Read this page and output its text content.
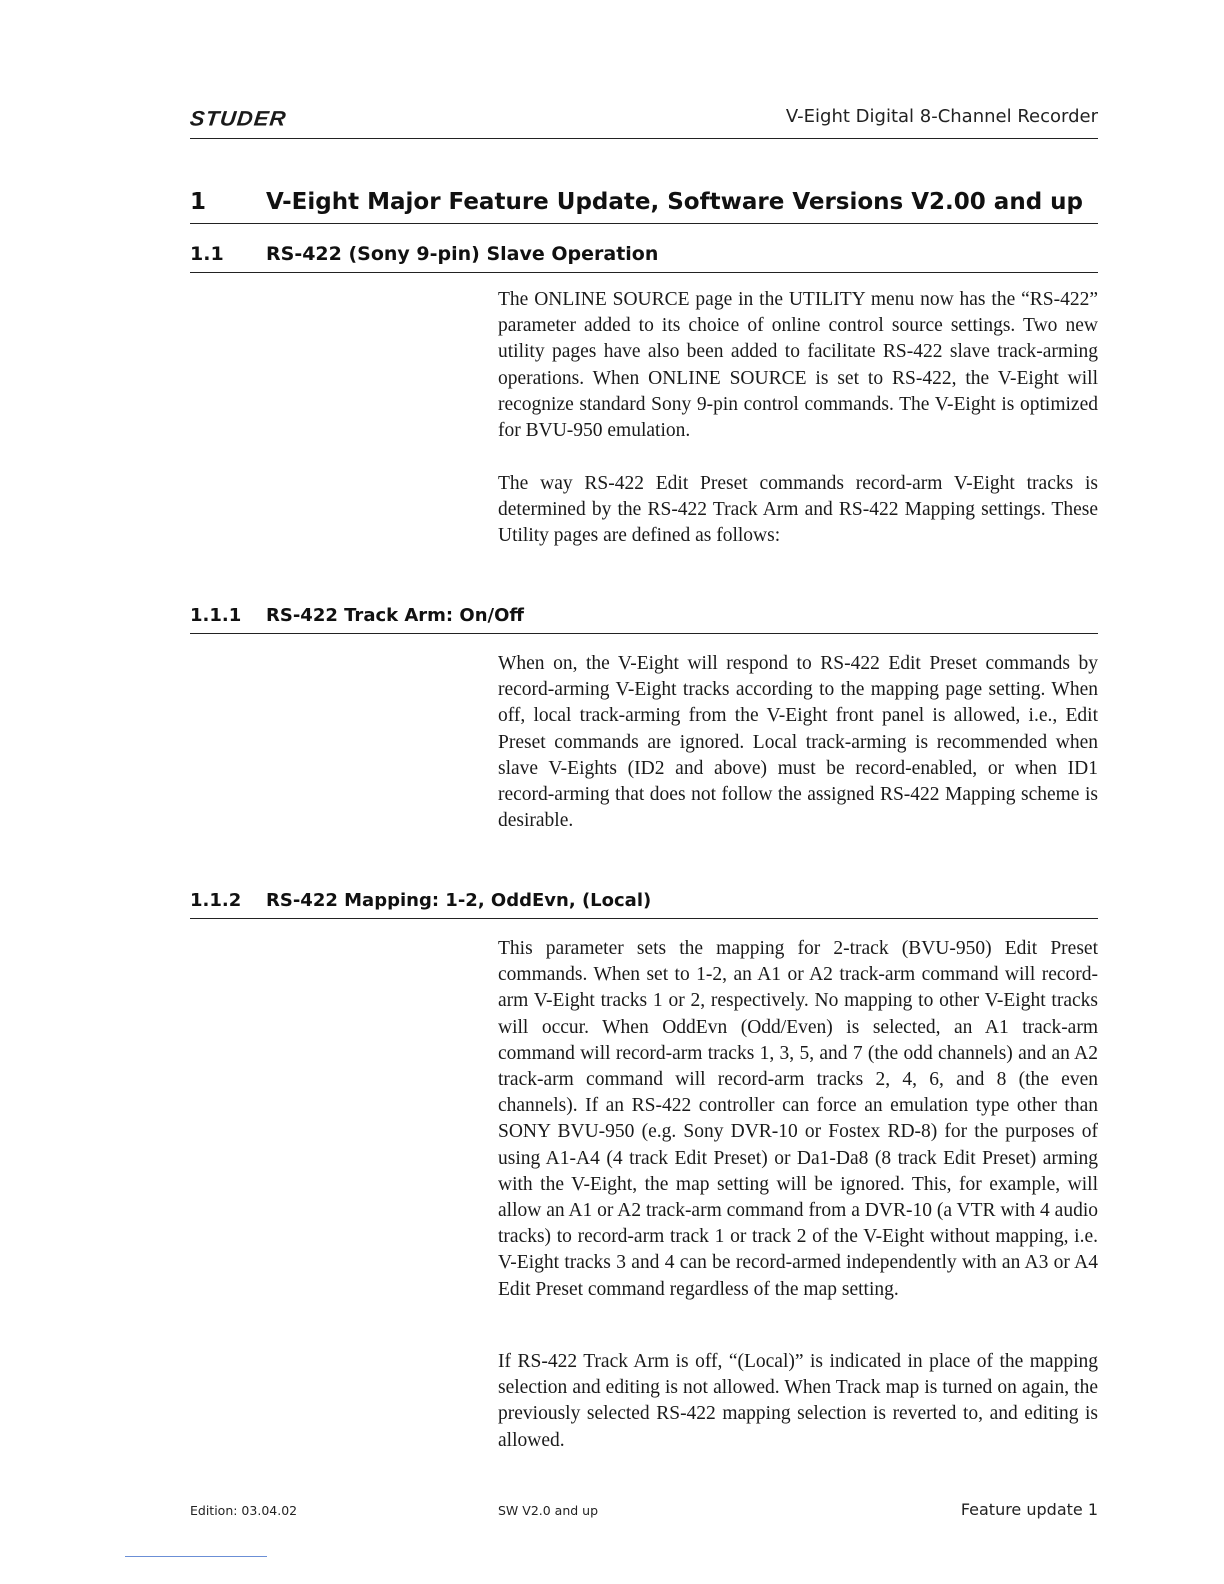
STUDER	V-Eight Digital 8-Channel Recorder
1	V-Eight Major Feature Update, Software Versions V2.00 and up
1.1 RS-422 (Sony 9-pin) Slave Operation

The ONLINE SOURCE page in the UTILITY menu now has the “RS-422” parameter added to its choice of online control source settings. Two new utility pages have also been added to facilitate RS-422 slave track-arming operations. When ONLINE SOURCE is set to RS-422, the V-Eight will recognize standard Sony 9-pin control commands. The V-Eight is optimized for BVU-950 emulation.

The way RS-422 Edit Preset commands record-arm V-Eight tracks is determined by the RS-422 Track Arm and RS-422 Mapping settings. These Utility pages are defined as follows:

1.1.1 RS-422 Track Arm: On/Off

When on, the V-Eight will respond to RS-422 Edit Preset commands by record-arming V-Eight tracks according to the mapping page setting. When off, local track-arming from the V-Eight front panel is allowed, i.e., Edit Preset commands are ignored. Local track-arming is recommended when slave V-Eights (ID2 and above) must be record-enabled, or when ID1 record-arming that does not follow the assigned RS-422 Mapping scheme is desirable.

1.1.2 RS-422 Mapping: 1-2, OddEvn, (Local)

This parameter sets the mapping for 2-track (BVU-950) Edit Preset commands. When set to 1-2, an A1 or A2 track-arm command will record-arm V-Eight tracks 1 or 2, respectively. No mapping to other V-Eight tracks will occur. When OddEvn (Odd/Even) is selected, an A1 track-arm command will record-arm tracks 1, 3, 5, and 7 (the odd channels) and an A2 track-arm command will record-arm tracks 2, 4, 6, and 8 (the even channels). If an RS-422 controller can force an emulation type other than SONY BVU-950 (e.g. Sony DVR-10 or Fostex RD-8) for the purposes of using A1-A4 (4 track Edit Preset) or Da1-Da8 (8 track Edit Preset) arming with the V-Eight, the map setting will be ignored. This, for example, will allow an A1 or A2 track-arm command from a DVR-10 (a VTR with 4 audio tracks) to record-arm track 1 or track 2 of the V-Eight without mapping, i.e. V-Eight tracks 3 and 4 can be record-armed independently with an A3 or A4 Edit Preset command regardless of the map setting.

If RS-422 Track Arm is off, “(Local)” is indicated in place of the mapping selection and editing is not allowed. When Track map is turned on again, the previously selected RS-422 mapping selection is reverted to, and editing is allowed.

Edition: 03.04.02	SW V2.0 and up	Feature update 1
